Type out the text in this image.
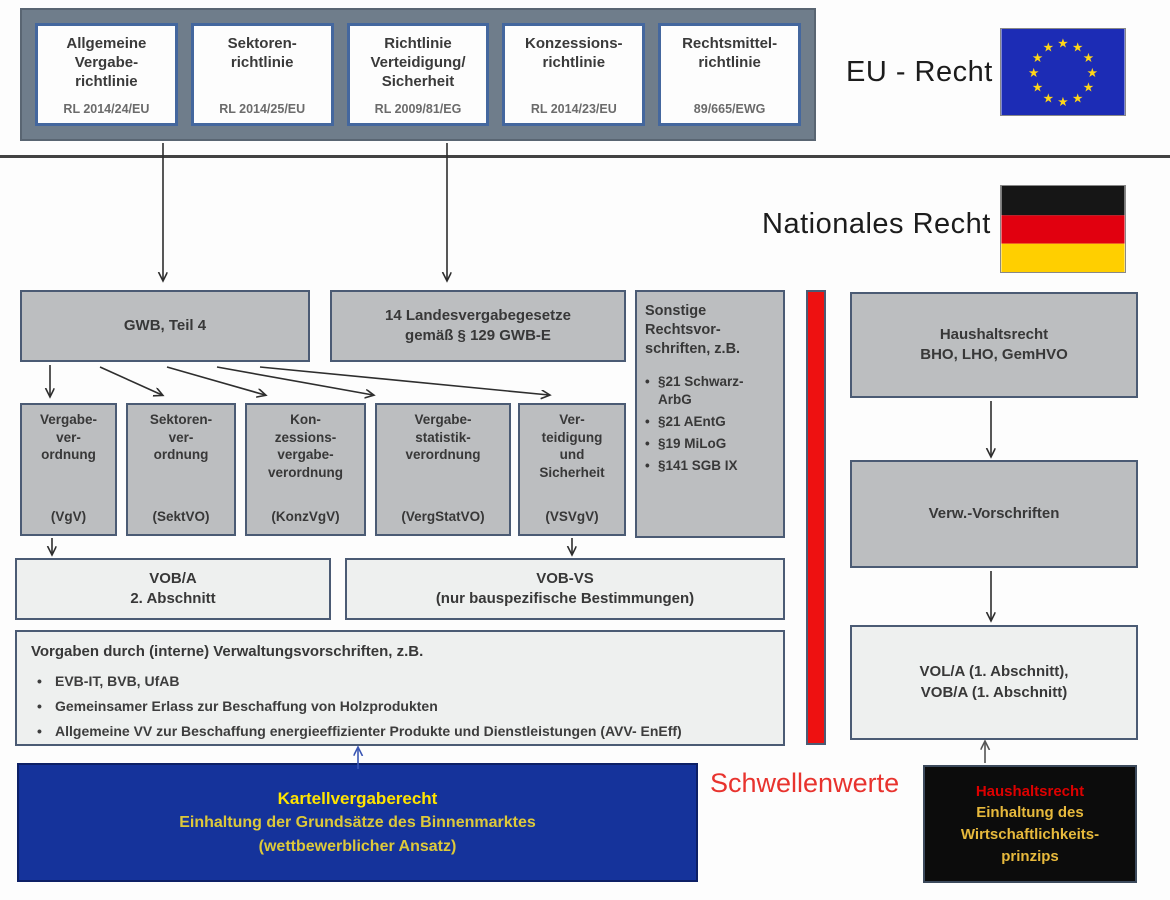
Allgemeine
Vergabe-
richtlinie
RL 2014/24/EU
Sektoren-
richtlinie
RL 2014/25/EU
Richtlinie
Verteidigung/
Sicherheit
RL 2009/81/EG
Konzessions-
richtlinie
RL 2014/23/EU
Rechtsmittel-
richtlinie
89/665/EWG
EU - Recht
★ ★
★
★
★
★
★
★
★
★
★
★
Nationales Recht
GWB, Teil 4
14 Landesvergabegesetze
gemäß § 129 GWB-E
Sonstige
Rechtsvor-
schriften, z.B.
• §21 Schwarz-ArbG
• §21 AEntG
• §19 MiLoG
• §141 SGB IX
Haushaltsrecht
BHO, LHO, GemHVO
Verw.-Vorschriften
VOL/A (1. Abschnitt),
VOB/A (1. Abschnitt)
Vergabe-
ver-
ordnung
(VgV)
Sektoren-
ver-
ordnung
(SektVO)
Kon-
zessions-
vergabe-
verordnung
(KonzVgV)
Vergabe-
statistik-
verordnung
(VergStatVO)
Ver-
teidigung
und
Sicherheit
(VSVgV)
VOB/A
2. Abschnitt
VOB-VS
(nur bauspezifische Bestimmungen)
Vorgaben durch (interne) Verwaltungsvorschriften, z.B.
• EVB-IT, BVB, UfAB
• Gemeinsamer Erlass zur Beschaffung von Holzprodukten
• Allgemeine VV zur Beschaffung energieeffizienter Produkte und Dienstleistungen (AVV- EnEff)
Kartellvergaberecht
Einhaltung der Grundsätze des Binnenmarktes
(wettbewerblicher Ansatz)
Schwellenwerte	Haushaltsrecht
Einhaltung des
Wirtschaftlichkeits-
prinzips
